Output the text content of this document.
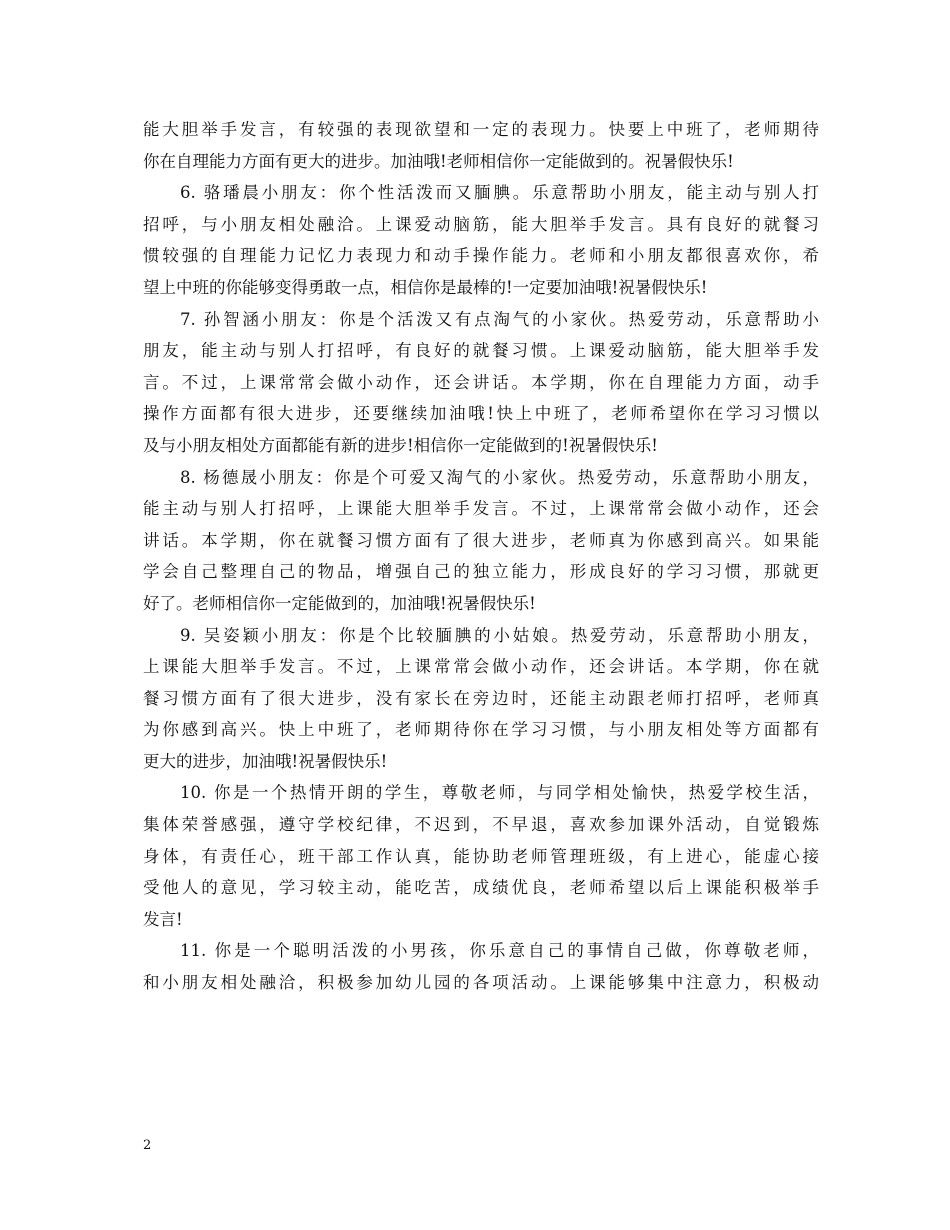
能大胆举手发言，有较强的表现欲望和一定的表现力。快要上中班了，老师期待
你在自理能力方面有更大的进步。加油哦!老师相信你一定能做到的。祝暑假快乐!
6. 骆璠晨小朋友：你个性活泼而又腼腆。乐意帮助小朋友，能主动与别人打
招呼，与小朋友相处融洽。上课爱动脑筋，能大胆举手发言。具有良好的就餐习
惯较强的自理能力记忆力表现力和动手操作能力。老师和小朋友都很喜欢你，希
望上中班的你能够变得勇敢一点，相信你是最棒的!一定要加油哦!祝暑假快乐!
7. 孙智涵小朋友：你是个活泼又有点淘气的小家伙。热爱劳动，乐意帮助小
朋友，能主动与别人打招呼，有良好的就餐习惯。上课爱动脑筋，能大胆举手发
言。不过，上课常常会做小动作，还会讲话。本学期，你在自理能力方面，动手
操作方面都有很大进步，还要继续加油哦!快上中班了，老师希望你在学习习惯以
及与小朋友相处方面都能有新的进步!相信你一定能做到的!祝暑假快乐!
8. 杨德晟小朋友：你是个可爱又淘气的小家伙。热爱劳动，乐意帮助小朋友，
能主动与别人打招呼，上课能大胆举手发言。不过，上课常常会做小动作，还会
讲话。本学期，你在就餐习惯方面有了很大进步，老师真为你感到高兴。如果能
学会自己整理自己的物品，增强自己的独立能力，形成良好的学习习惯，那就更
好了。老师相信你一定能做到的，加油哦!祝暑假快乐!
9. 吴姿颖小朋友：你是个比较腼腆的小姑娘。热爱劳动，乐意帮助小朋友，
上课能大胆举手发言。不过，上课常常会做小动作，还会讲话。本学期，你在就
餐习惯方面有了很大进步，没有家长在旁边时，还能主动跟老师打招呼，老师真
为你感到高兴。快上中班了，老师期待你在学习习惯，与小朋友相处等方面都有
更大的进步，加油哦!祝暑假快乐!
10. 你是一个热情开朗的学生，尊敬老师，与同学相处愉快，热爱学校生活，
集体荣誉感强，遵守学校纪律，不迟到，不早退，喜欢参加课外活动，自觉锻炼
身体，有责任心，班干部工作认真，能协助老师管理班级，有上进心，能虚心接
受他人的意见，学习较主动，能吃苦，成绩优良，老师希望以后上课能积极举手
发言!
11. 你是一个聪明活泼的小男孩，你乐意自己的事情自己做，你尊敬老师，
和小朋友相处融洽，积极参加幼儿园的各项活动。上课能够集中注意力，积极动
2
